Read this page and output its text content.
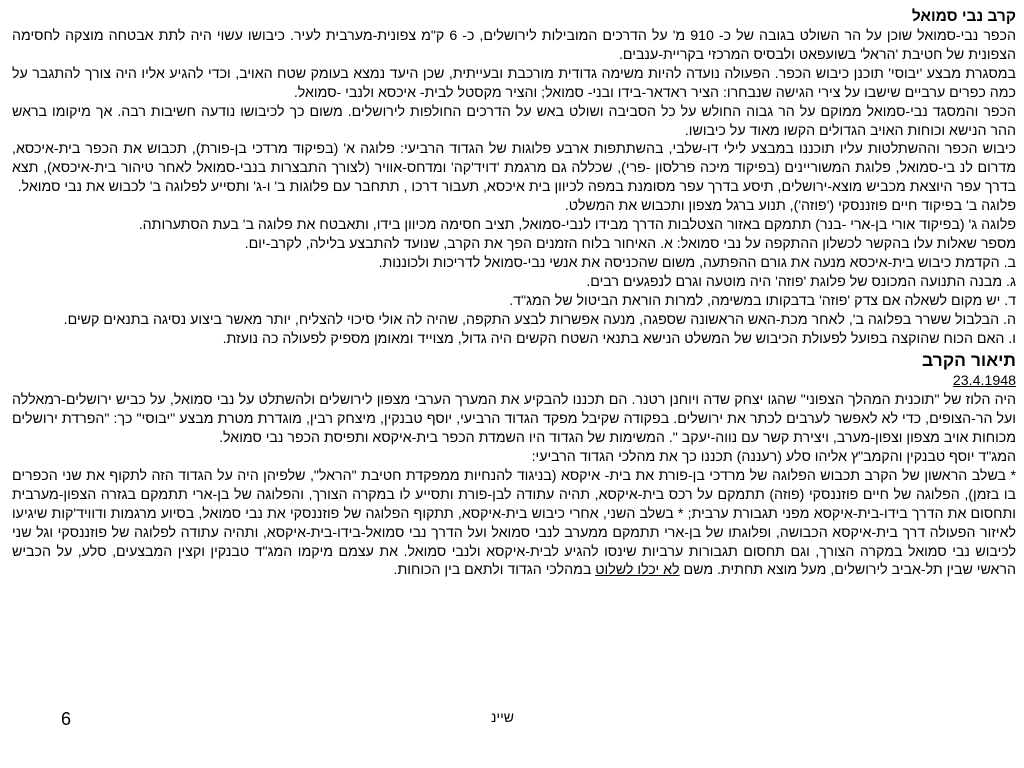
קרב נבי סמואל

הכפר נבי-סמואל שוכן על הר השולט בגובה של כ- 910 מ' על הדרכים המובילות לירושלים, כ- 6 ק"מ צפונית-מערבית לעיר. כיבושו עשוי היה לתת אבטחה מוצקה לחסימה הצפונית של חטיבת 'הראל' בשועפאט ולבסיס המרכזי בקריית-ענבים.

במסגרת מבצע 'יבוסי' תוכנן כיבוש הכפר. הפעולה נועדה להיות משימה גדודית מורכבת ובעייתית, שכן היעד נמצא בעומק שטח האויב, וכדי להגיע אליו היה צורך להתגבר על כמה כפרים ערביים שישבו על צירי הגישה שנבחרו: הציר ראדאר-בידו ובני- סמואל; והציר מקסטל לבית- איכסא ולנבי -סמואל.

הכפר והמסגד נבי-סמואל ממוקם על הר גבוה החולש על כל הסביבה ושולט באש על הדרכים החולפות לירושלים. משום כך לכיבושו נודעה חשיבות רבה. אך מיקומו בראש ההר הנישא וכוחות האויב הגדולים הקשו מאוד על כיבושו.

כיבוש הכפר וההשתלטות עליו תוכננו במבצע לילי דו-שלבי, בהשתתפות ארבע פלוגות של הגדוד הרביעי: פלוגה א' (בפיקוד מרדכי בן-פורת), תכבוש את הכפר בית-איכסא, מדרום לנ בי-סמואל, פלוגת המשוריינים (בפיקוד מיכה פרלסון -פרי), שכללה גם מרגמת 'דויד'קה' ומדחס-אוויר (לצורך התבצרות בנבי-סמואל לאחר טיהור בית-איכסא), תצא בדרך עפר היוצאת מכביש מוצא-ירושלים, תיסע בדרך עפר מסומנת במפה לכיוון בית איכסא, תעבור דרכו , תתחבר עם פלוגות ב' ו-ג' ותסייע לפלוגה ב' לכבוש את נבי סמואל.

פלוגה ב' בפיקוד חיים פוזננסקי ('פוזה'), תנוע ברגל מצפון ותכבוש את המשלט.

פלוגה ג' (בפיקוד אורי בן-ארי -בנר) תתמקם באזור הצטלבות הדרך מבידו לנבי-סמואל, תציב חסימה מכיוון בידו, ותאבטח את פלוגה ב' בעת הסתערותה.

מספר שאלות עלו בהקשר לכשלון ההתקפה על נבי סמואל: א. האיחור בלוח הזמנים הפך את הקרב, שנועד להתבצע בלילה, לקרב-יום.

ב. הקדמת כיבוש בית-איכסא מנעה את גורם ההפתעה, משום שהכניסה את אנשי נבי-סמואל לדריכות ולכוננות.

ג. מבנה התנועה המכונס של פלוגת 'פוזה' היה מוטעה וגרם לנפגעים רבים.

ד. יש מקום לשאלה אם צדק 'פוזה' בדבקותו במשימה, למרות הוראת הביטול של המג"ד.

ה. הבלבול ששרר בפלוגה ב', לאחר מכת-האש הראשונה שספגה, מנעה אפשרות לבצע התקפה, שהיה לה אולי סיכוי להצליח, יותר מאשר ביצוע נסיגה בתנאים קשים.

ו. האם הכוח שהוקצה בפועל לפעולת הכיבוש של המשלט הנישא בתנאי השטח הקשים היה גדול, מצוייד ומאומן מספיק לפעולה כה נועזת.

תיאור הקרב

23.4.1948

היה הלוז של "תוכנית המהלך הצפוני" שהגו יצחק שדה ויוחנן רטנר. הם תכננו להבקיע את המערך הערבי מצפון לירושלים ולהשתלט על נבי סמואל, על כביש ירושלים-רמאללה ועל הר-הצופים, כדי לא לאפשר לערבים לכתר את ירושלים. בפקודה שקיבל מפקד הגדוד הרביעי, יוסף טבנקין, מיצחק רבין, מוגדרת מטרת מבצע "יבוסי" כך: "הפרדת ירושלים מכוחות אויב מצפון וצפון-מערב, ויצירת קשר עם נווה-יעקב ". המשימות של הגדוד היו השמדת הכפר בית-איקסא ותפיסת הכפר נבי סמואל.

המג"ד יוסף טבנקין והקמב"ץ אליהו סלע (רעננה) תכננו כך את מהלכי הגדוד הרביעי:

* בשלב הראשון של הקרב תכבוש הפלוגה של מרדכי בן-פורת את בית- איקסא (בניגוד להנחיות ממפקדת חטיבת "הראל", שלפיהן היה על הגדוד הזה לתקוף את שני הכפרים בו בזמן), הפלוגה של חיים פוזננסקי (פוזה) תתמקם על רכס בית-איקסא, תהיה עתודה לבן-פורת ותסייע לו במקרה הצורך, והפלוגה של בן-ארי תתמקם בגזרה הצפון-מערבית ותחסום את הדרך בידו-בית-איקסא מפני תגבורת ערבית; * בשלב השני, אחרי כיבוש בית-איקסא, תתקוף הפלוגה של פוזננסקי את נבי סמואל, בסיוע מרגמות ודוויד'קות שיגיעו לאיזור הפעולה דרך בית-איקסא הכבושה, ופלוגתו של בן-ארי תתמקם ממערב לנבי סמואל ועל הדרך נבי סמואל-בידו-בית-איקסא, ותהיה עתודה לפלוגה של פוזננסקי וגל שני לכיבוש נבי סמואל במקרה הצורך, וגם תחסום תגבורות ערביות שינסו להגיע לבית-איקסא ולנבי סמואל. את עצמם מיקמו המג"ד טבנקין וקצין המבצעים, סלע, על הכביש הראשי שבין תל-אביב לירושלים, מעל מוצא תחתית. משם לא יכלו לשלוט במהלכי הגדוד ולתאם בין הכוחות.

6	שיינ
